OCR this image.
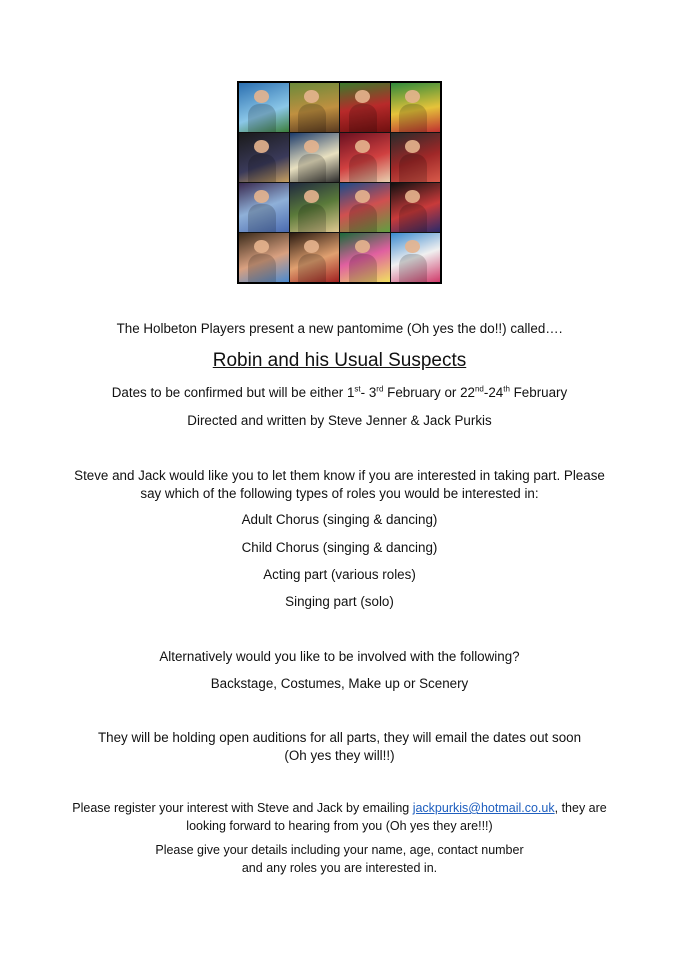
The Holbeton Players present a new pantomime (Oh yes the do!!) called….
Robin and his Usual Suspects
Dates to be confirmed but will be either 1st- 3rd February or 22nd-24th February
Directed and written by Steve Jenner & Jack Purkis
Steve and Jack would like you to let them know if you are interested in taking part. Please
say which of the following types of roles you would be interested in:
Adult Chorus (singing & dancing)
Child Chorus (singing & dancing)
Acting part (various roles)
Singing part (solo)
Alternatively would you like to be involved with the following?
Backstage, Costumes, Make up or Scenery
They will be holding open auditions for all parts, they will email the dates out soon
(Oh yes they will!!)
Please register your interest with Steve and Jack by emailing jackpurkis@hotmail.co.uk, they are
looking forward to hearing from you (Oh yes they are!!!)
Please give your details including your name, age, contact number
and any roles you are interested in.
